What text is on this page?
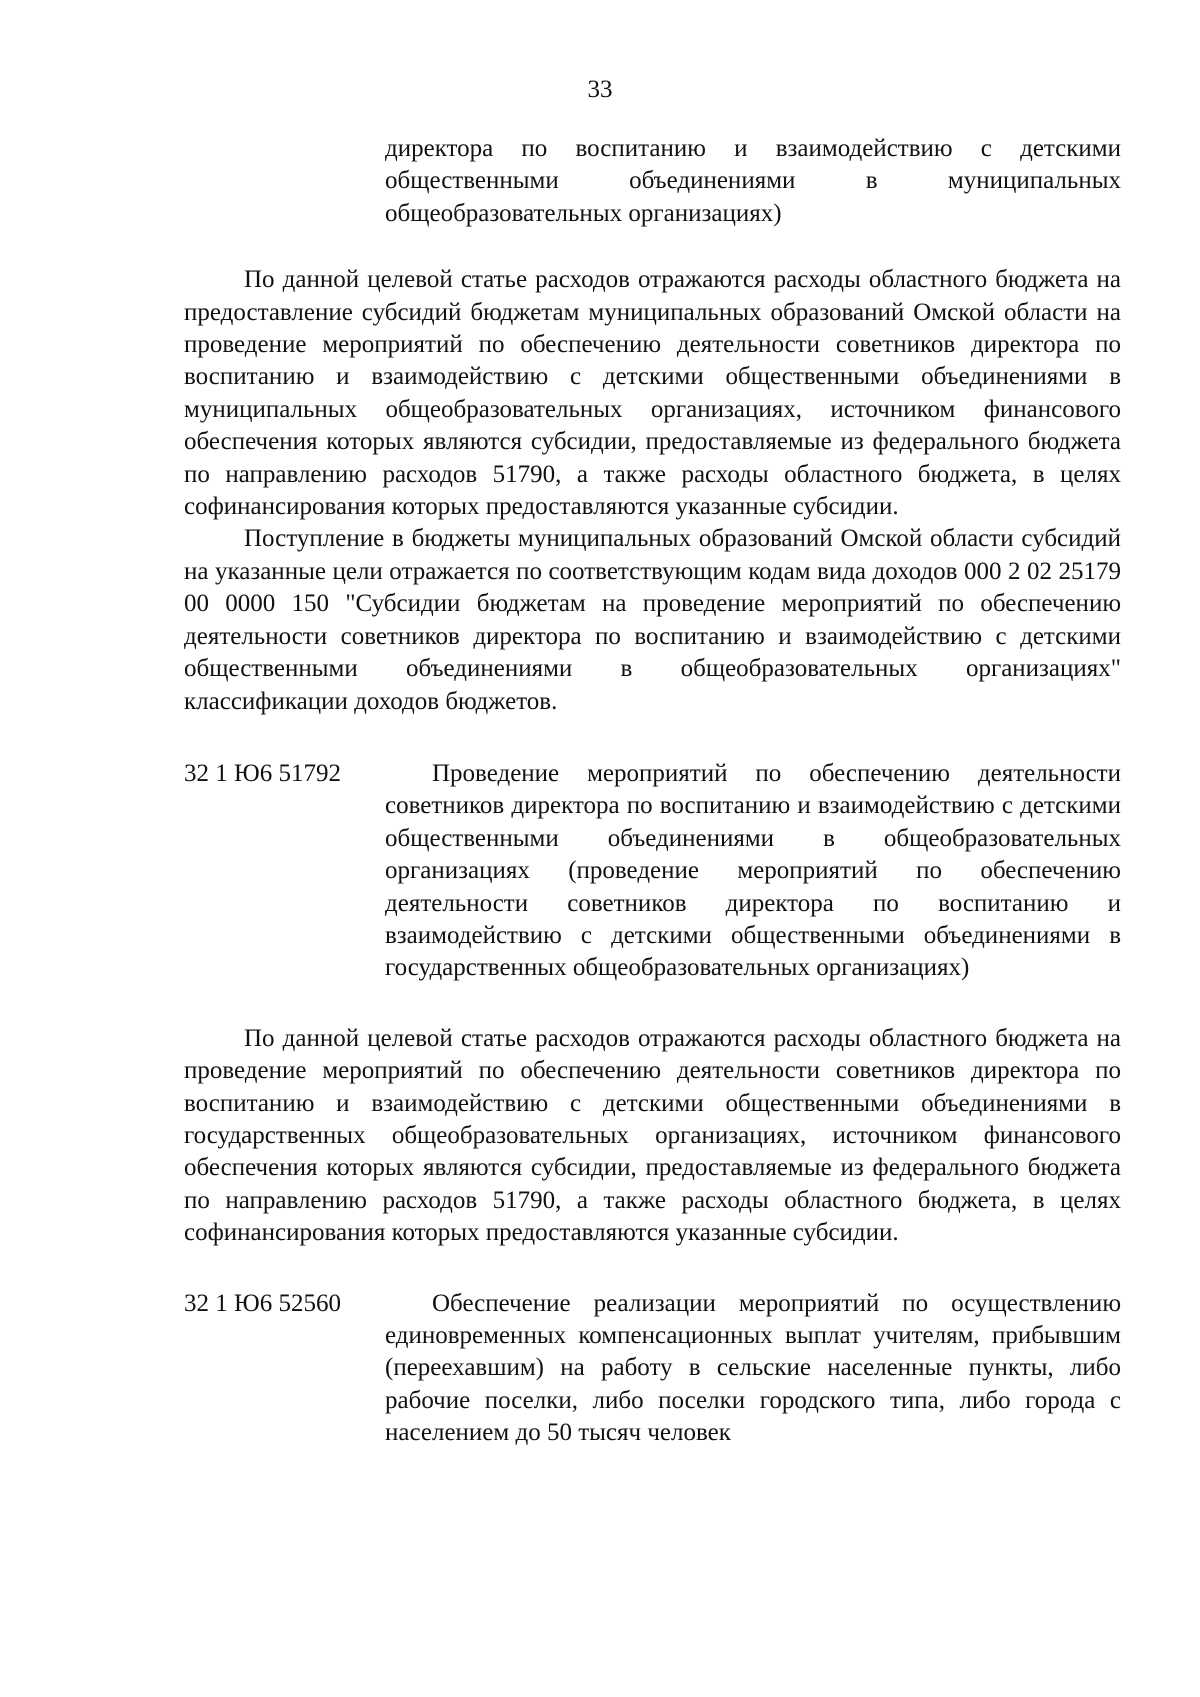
33
директора по воспитанию и взаимодействию с детскими общественными объединениями в муниципальных общеобразовательных организациях)

По данной целевой статье расходов отражаются расходы областного бюджета на предоставление субсидий бюджетам муниципальных образований Омской области на проведение мероприятий по обеспечению деятельности советников директора по воспитанию и взаимодействию с детскими общественными объединениями в муниципальных общеобразовательных организациях, источником финансового обеспечения которых являются субсидии, предоставляемые из федерального бюджета по направлению расходов 51790, а также расходы областного бюджета, в целях софинансирования которых предоставляются указанные субсидии.

Поступление в бюджеты муниципальных образований Омской области субсидий на указанные цели отражается по соответствующим кодам вида доходов 000 2 02 25179 00 0000 150 "Субсидии бюджетам на проведение мероприятий по обеспечению деятельности советников директора по воспитанию и взаимодействию с детскими общественными объединениями в общеобразовательных организациях" классификации доходов бюджетов.

32 1 Ю6 51792	Проведение мероприятий по обеспечению деятельности советников директора по воспитанию и взаимодействию с детскими общественными объединениями в общеобразовательных организациях (проведение мероприятий по обеспечению деятельности советников директора по воспитанию и взаимодействию с детскими общественными объединениями в государственных общеобразовательных организациях)

По данной целевой статье расходов отражаются расходы областного бюджета на проведение мероприятий по обеспечению деятельности советников директора по воспитанию и взаимодействию с детскими общественными объединениями в государственных общеобразовательных организациях, источником финансового обеспечения которых являются субсидии, предоставляемые из федерального бюджета по направлению расходов 51790, а также расходы областного бюджета, в целях софинансирования которых предоставляются указанные субсидии.

32 1 Ю6 52560	Обеспечение реализации мероприятий по осуществлению единовременных компенсационных выплат учителям, прибывшим (переехавшим) на работу в сельские населенные пункты, либо рабочие поселки, либо поселки городского типа, либо города с населением до 50 тысяч человек
